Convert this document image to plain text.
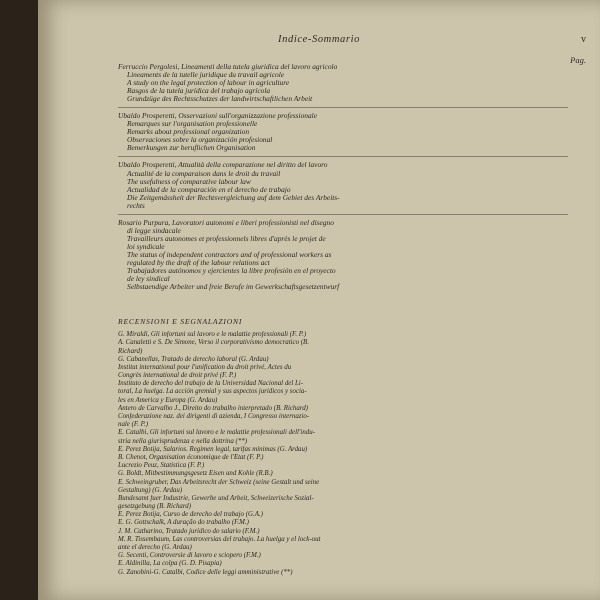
Indice-Sommario	v
Pag.
Ferruccio Pergolesi, Lineamenti della tutela giuridica del lavoro agricolo
Lineaments de la tutelle juridique du travail agricole
A study on the legal protection of labour in agriculture
Rasgos de la tutela jurídica del trabajo agrícola
Grundzüge des Rechtsschutzes der landwirtschaftlichen Arbeit
Ubaldo Prosperetti, Osservazioni sull'organizzazione professionale
Remarques sur l'organisation professionelle
Remarks about professional organization
Observaciones sobre la organización profesional
Bemerkungen zur beruflichen Organisation
Ubaldo Prosperetti, Attualità della comparazione nel diritto del lavoro
Actualité de la comparaison dans le droit du travail
The usefulness of comparative labour law
Actualidad de la comparación en el derecho de trabajo
Die Zeitgemässheit der Rechtsvergleichung auf dem Gebiet des Arbeits-
rechts
Rosario Purpura, Lavoratori autonomi e liberi professionisti nel disegno
di legge sindacale
Travailleurs autonomes et professionnels libres d'après le projet de
loi syndicale
The status of independent contractors and of professional workers as
regulated by the draft of the labour relations act
Trabajadores autónomos y ejercientes la libre profesión en el proyecto
de ley sindical
Selbstaendige Arbeiter und freie Berufe im Gewerkschaftsgesetzentwurf
RECENSIONI E SEGNALAZIONI
G. Miraldi, Gli infortuni sul lavoro e le malattie professionali (F. P.)
A. Canaletti e S. De Simone, Verso il corporativismo democratico (B.
Richard)
G. Cabanellas, Tratado de derecho laboral (G. Ardau)
Institut international pour l'unification du droit privé, Actes du
Congrès international de droit privé (F. P.)
Instituto de derecho del trabajo de la Universidad Nacional del Li-
toral, La huelga. La acción gremial y sus aspectos jurídicos y socia-
les en America y Europa (G. Ardau)
Antero de Carvalho J., Direito do trabalho interpretado (B. Richard)
Confederazione naz. dei dirigenti di azienda, I Congresso internazio-
nale (F. P.)
E. Catalbi, Gli infortuni sul lavoro e le malattie professionali dell'indu-
stria nella giurisprudenza e nella dottrina (**)
E. Perez Botija, Salarios. Regimen legal, tarifas minimas (G. Ardau)
B. Chenot, Organisation économique de l'Etat (F. P.)
Lucrezio Peuz, Statistica (F. P.)
G. Boldt, Mitbestimmungsgesetz Eisen und Kohle (R.B.)
E. Schweingruber, Das Arbeitsrecht der Schweiz (seine Gestalt und seine
Gestaltung) (G. Ardau)
Bundesamt fuer Industrie, Gewerbe und Arbeit, Schweizerische Sozial-
gesetzgebung (B. Richard)
E. Perez Botija, Curso de derecho del trabajo (G.A.)
E. G. Gottschalk, A duração do trabalho (F.M.)
J. M. Catharino, Tratado jurídico do salario (F.M.)
M. R. Tissembaum, Las controversias del trabajo. La huelga y el lock-out
ante el derecho (G. Ardau)
G. Secenti, Controversie di lavoro e sciopero (F.M.)
E. Aldinilla, La colpa (G. D. Pisapia)
G. Zanobini-G. Catalbi, Codice delle leggi amministrative (**)
